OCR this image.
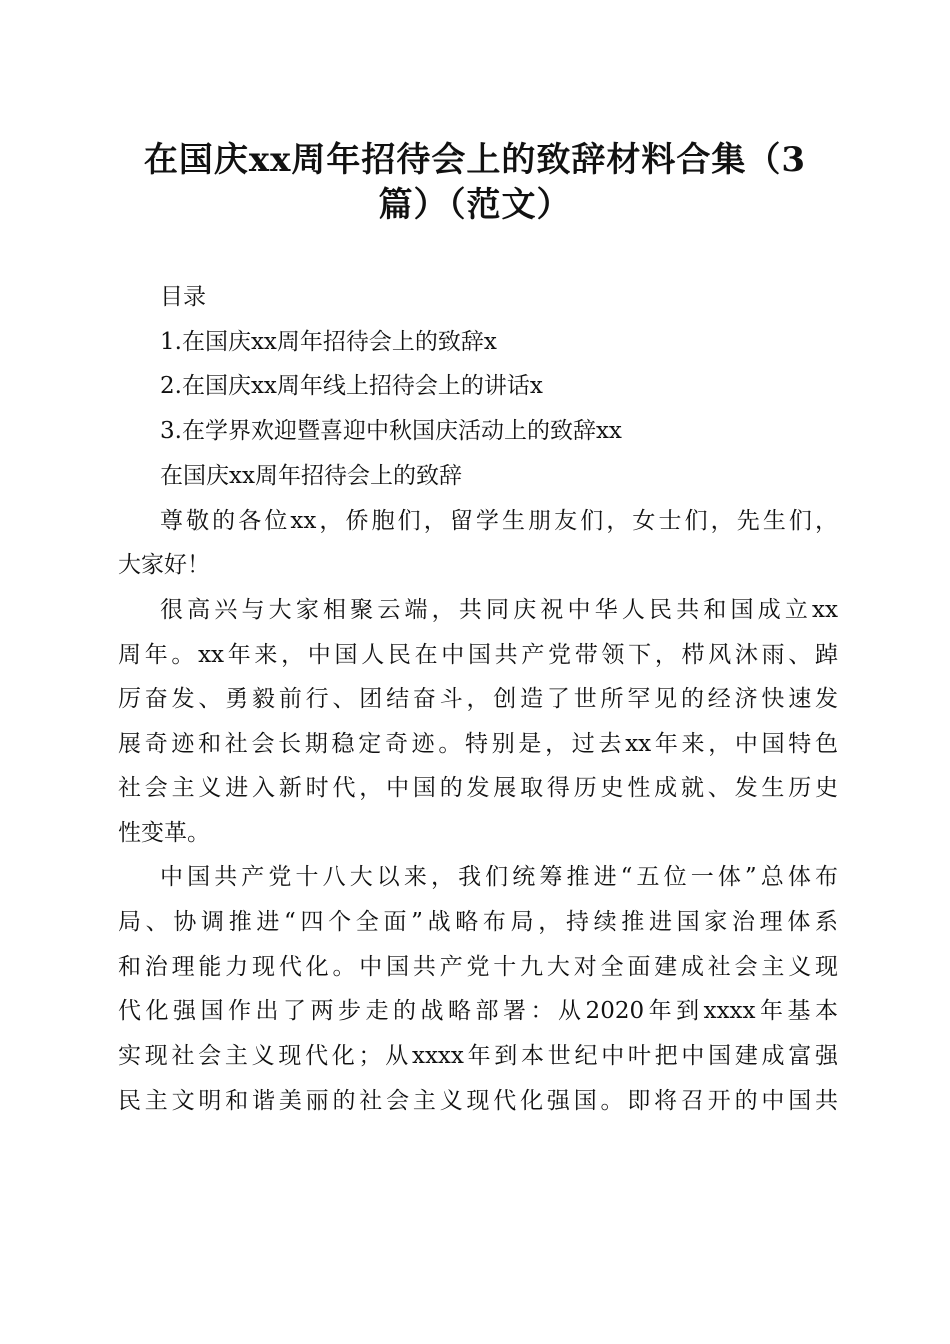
在国庆xx周年招待会上的致辞材料合集（3
篇）（范文）
目录
1.在国庆xx周年招待会上的致辞x
2.在国庆xx周年线上招待会上的讲话x
3.在学界欢迎暨喜迎中秋国庆活动上的致辞xx
在国庆xx周年招待会上的致辞
尊敬的各位xx，侨胞们，留学生朋友们，女士们，先生们，
大家好！
很高兴与大家相聚云端，共同庆祝中华人民共和国成立xx
周年。xx年来，中国人民在中国共产党带领下，栉风沐雨、踔
厉奋发、勇毅前行、团结奋斗，创造了世所罕见的经济快速发
展奇迹和社会长期稳定奇迹。特别是，过去xx年来，中国特色
社会主义进入新时代，中国的发展取得历史性成就、发生历史
性变革。
中国共产党十八大以来，我们统筹推进“五位一体”总体布
局、协调推进“四个全面”战略布局，持续推进国家治理体系
和治理能力现代化。中国共产党十九大对全面建成社会主义现
代化强国作出了两步走的战略部署：从2020年到xxxx年基本
实现社会主义现代化；从xxxx年到本世纪中叶把中国建成富强
民主文明和谐美丽的社会主义现代化强国。即将召开的中国共
